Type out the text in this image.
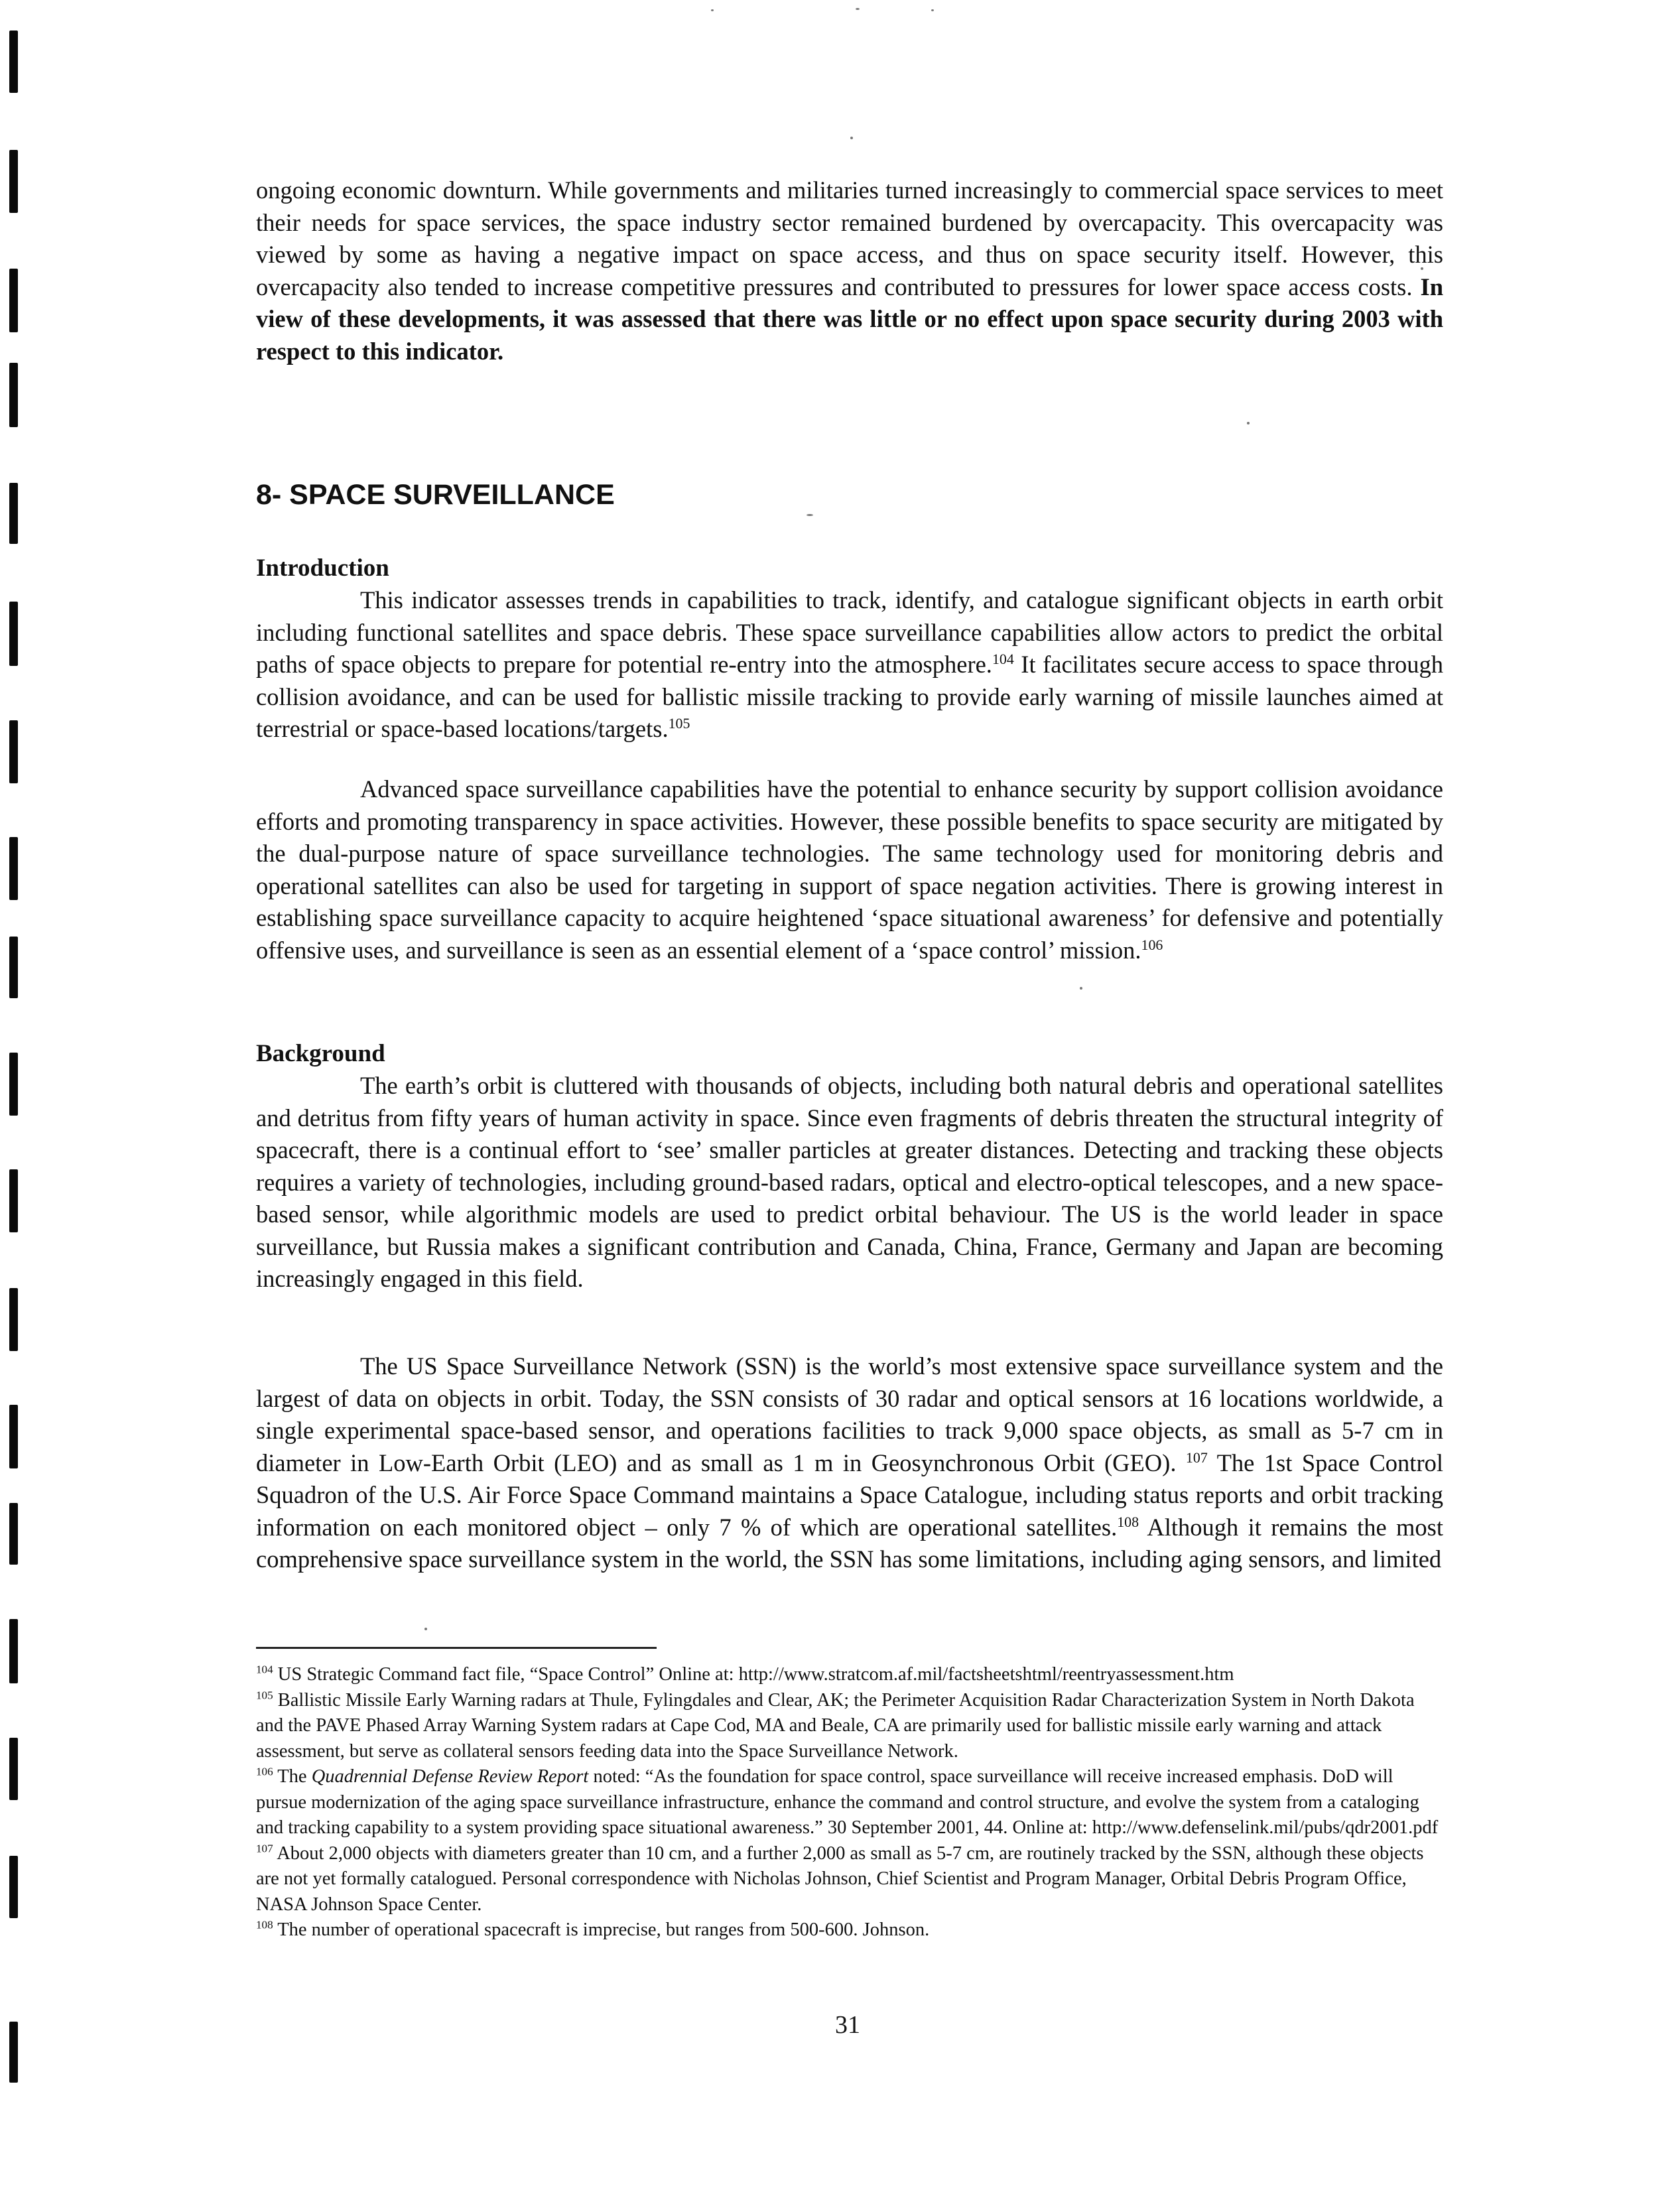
ongoing economic downturn. While governments and militaries turned increasingly to commercial space services to meet their needs for space services, the space industry sector remained burdened by overcapacity. This overcapacity was viewed by some as having a negative impact on space access, and thus on space security itself. However, this overcapacity also tended to increase competitive pressures and contributed to pressures for lower space access costs. In view of these developments, it was assessed that there was little or no effect upon space security during 2003 with respect to this indicator.

8- SPACE SURVEILLANCE
Introduction

This indicator assesses trends in capabilities to track, identify, and catalogue significant objects in earth orbit including functional satellites and space debris. These space surveillance capabilities allow actors to predict the orbital paths of space objects to prepare for potential re-entry into the atmosphere.$^{104}$ It facilitates secure access to space through collision avoidance, and can be used for ballistic missile tracking to provide early warning of missile launches aimed at terrestrial or space-based locations/targets.$^{105}$

Advanced space surveillance capabilities have the potential to enhance security by support collision avoidance efforts and promoting transparency in space activities. However, these possible benefits to space security are mitigated by the dual-purpose nature of space surveillance technologies. The same technology used for monitoring debris and operational satellites can also be used for targeting in support of space negation activities. There is growing interest in establishing space surveillance capacity to acquire heightened ‘space situational awareness’ for defensive and potentially offensive uses, and surveillance is seen as an essential element of a ‘space control’ mission.$^{106}$

Background

The earth’s orbit is cluttered with thousands of objects, including both natural debris and operational satellites and detritus from fifty years of human activity in space. Since even fragments of debris threaten the structural integrity of spacecraft, there is a continual effort to ‘see’ smaller particles at greater distances. Detecting and tracking these objects requires a variety of technologies, including ground-based radars, optical and electro-optical telescopes, and a new space-based sensor, while algorithmic models are used to predict orbital behaviour. The US is the world leader in space surveillance, but Russia makes a significant contribution and Canada, China, France, Germany and Japan are becoming increasingly engaged in this field.

The US Space Surveillance Network (SSN) is the world’s most extensive space surveillance system and the largest of data on objects in orbit. Today, the SSN consists of 30 radar and optical sensors at 16 locations worldwide, a single experimental space-based sensor, and operations facilities to track 9,000 space objects, as small as 5-7 cm in diameter in Low-Earth Orbit (LEO) and as small as 1 m in Geosynchronous Orbit (GEO). $^{107}$ The 1st Space Control Squadron of the U.S. Air Force Space Command maintains a Space Catalogue, including status reports and orbit tracking information on each monitored object – only 7 % of which are operational satellites.$^{108}$ Although it remains the most comprehensive space surveillance system in the world, the SSN has some limitations, including aging sensors, and limited

$^{104}$ US Strategic Command fact file, “Space Control” Online at: http://www.stratcom.af.mil/factsheetshtml/reentryassessment.htm

$^{105}$ Ballistic Missile Early Warning radars at Thule, Fylingdales and Clear, AK; the Perimeter Acquisition Radar Characterization System in North Dakota and the PAVE Phased Array Warning System radars at Cape Cod, MA and Beale, CA are primarily used for ballistic missile early warning and attack assessment, but serve as collateral sensors feeding data into the Space Surveillance Network.

$^{106}$ The Quadrennial Defense Review Report noted: “As the foundation for space control, space surveillance will receive increased emphasis. DoD will pursue modernization of the aging space surveillance infrastructure, enhance the command and control structure, and evolve the system from a cataloging and tracking capability to a system providing space situational awareness.” 30 September 2001, 44. Online at: http://www.defenselink.mil/pubs/qdr2001.pdf

$^{107}$ About 2,000 objects with diameters greater than 10 cm, and a further 2,000 as small as 5-7 cm, are routinely tracked by the SSN, although these objects are not yet formally catalogued. Personal correspondence with Nicholas Johnson, Chief Scientist and Program Manager, Orbital Debris Program Office, NASA Johnson Space Center.

$^{108}$ The number of operational spacecraft is imprecise, but ranges from 500-600. Johnson.

31
